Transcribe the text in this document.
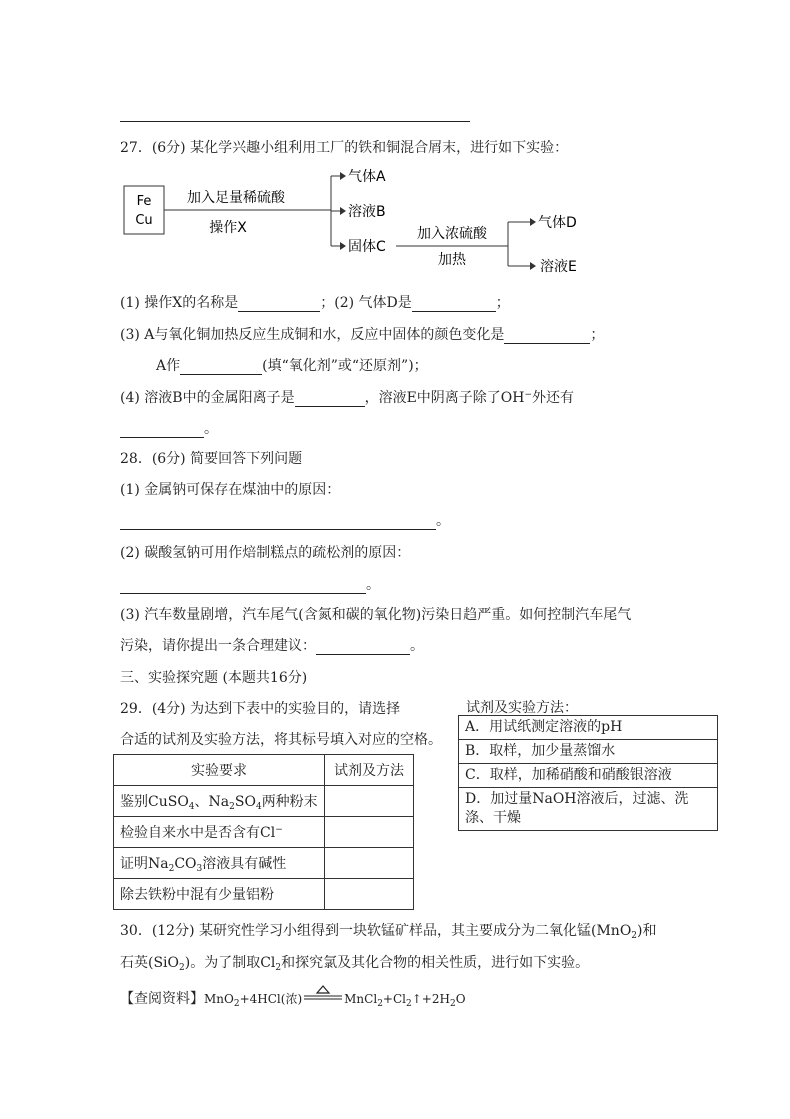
27．(6分) 某化学兴趣小组利用工厂的铁和铜混合屑末，进行如下实验：
Fe
Cu
加入足量稀硫酸
操作X
气体A
溶液B
固体C
加入浓硫酸
加热
气体D
溶液E
(1) 操作X的名称是	；(2) 气体D是	；
(3) A与氧化铜加热反应生成铜和水，反应中固体的颜色变化是	；
A作	(填“氧化剂”或“还原剂”)；
(4) 溶液B中的金属阳离子是	，溶液E中阴离子除了OH−外还有
。
28．(6分) 简要回答下列问题
(1) 金属钠可保存在煤油中的原因：
。
(2) 碳酸氢钠可用作焙制糕点的疏松剂的原因：
。
(3) 汽车数量剧增，汽车尾气(含氮和碳的氧化物)污染日趋严重。如何控制汽车尾气
污染，请你提出一条合理建议：	。
三、实验探究题 (本题共16分)
29．(4分) 为达到下表中的实验目的，请选择
合适的试剂及实验方法，将其标号填入对应的空格。
实验要求	试剂及方法
鉴别CuSO$_4$、$Na_2SO_4$两种粉末	
检验自来水中是否含有Cl−	
证明$Na_2CO_3$溶液具有碱性	
除去铁粉中混有少量铝粉	
试剂及实验方法：
A．用试纸测定溶液的pH
B．取样，加少量蒸馏水
C．取样，加稀硝酸和硝酸银溶液
D．加过量NaOH溶液后，过滤、洗涤、干燥
30．(12分) 某研究性学习小组得到一块软锰矿样品，其主要成分为二氧化锰(MnO$_2$)和
石英(SiO$_2$)。为了制取$Cl_2$和探究氯及其化合物的相关性质，进行如下实验。
【查阅资料】MnO$_2$+4HCl(浓)	$MnCl_2+Cl_2↑+2H_2O$
